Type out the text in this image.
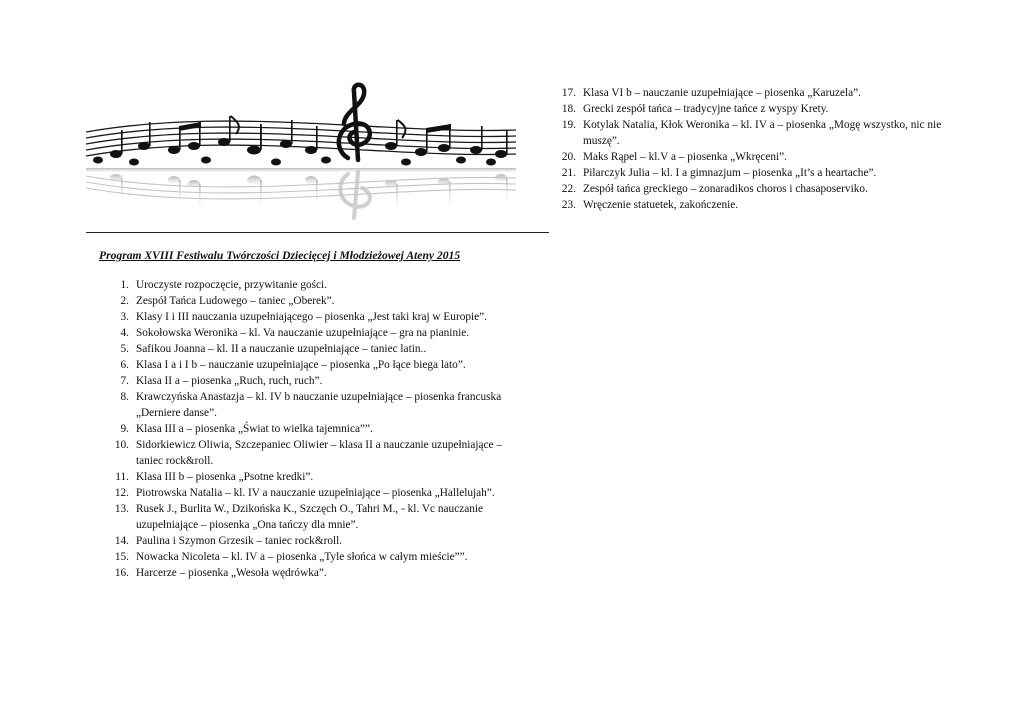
Program XVIII Festiwalu Twórczości Dziecięcej i Młodzieżowej Ateny 2015
1. Uroczyste rozpoczęcie, przywitanie gości.
2. Zespół Tańca Ludowego – taniec „Oberek”.
3. Klasy I i III nauczania uzupełniającego – piosenka „Jest taki kraj w Europie”.
4. Sokołowska Weronika – kl. Va nauczanie uzupełniające – gra na pianinie.
5. Safikou Joanna – kl. II a nauczanie uzupełniające – taniec latin..
6. Klasa I a i I b – nauczanie uzupełniające – piosenka „Po łące biega lato”.
7. Klasa II a – piosenka „Ruch, ruch, ruch”.
8. Krawczyńska Anastazja – kl. IV b nauczanie uzupełniające – piosenka francuska „Derniere danse”.
9. Klasa III a – piosenka „Świat to wielka tajemnica””.
10. Sidorkiewicz Oliwia, Szczepaniec Oliwier – klasa II a nauczanie uzupełniające – taniec rock&roll.
11. Klasa III b – piosenka „Psotne kredki”.
12. Piotrowska Natalia – kl. IV a nauczanie uzupełniające – piosenka „Hallelujah”.
13. Rusek J., Burlita W., Dzikońska K., Szczęch O., Tahri M., - kl. Vc nauczanie uzupełniające – piosenka „Ona tańczy dla mnie”.
14. Paulina i Szymon Grzesik – taniec rock&roll.
15. Nowacka Nicoleta – kl. IV a – piosenka „Tyle słońca w całym mieście””.
16. Harcerze – piosenka „Wesoła wędrówka”.
17. Klasa VI b – nauczanie uzupełniające – piosenka „Karuzela”.
18. Grecki zespół tańca – tradycyjne tańce z wyspy Krety.
19. Kotylak Natalia, Kłok Weronika – kl. IV a – piosenka „Mogę wszystko, nic nie muszę”.
20. Maks Rąpel – kl.V a – piosenka „Wkręceni”.
21. Pilarczyk Julia – kl. I a gimnazjum – piosenka „It’s a heartache”.
22. Zespół tańca greckiego – zonaradikos choros i chasaposerviko.
23. Wręczenie statuetek, zakończenie.
